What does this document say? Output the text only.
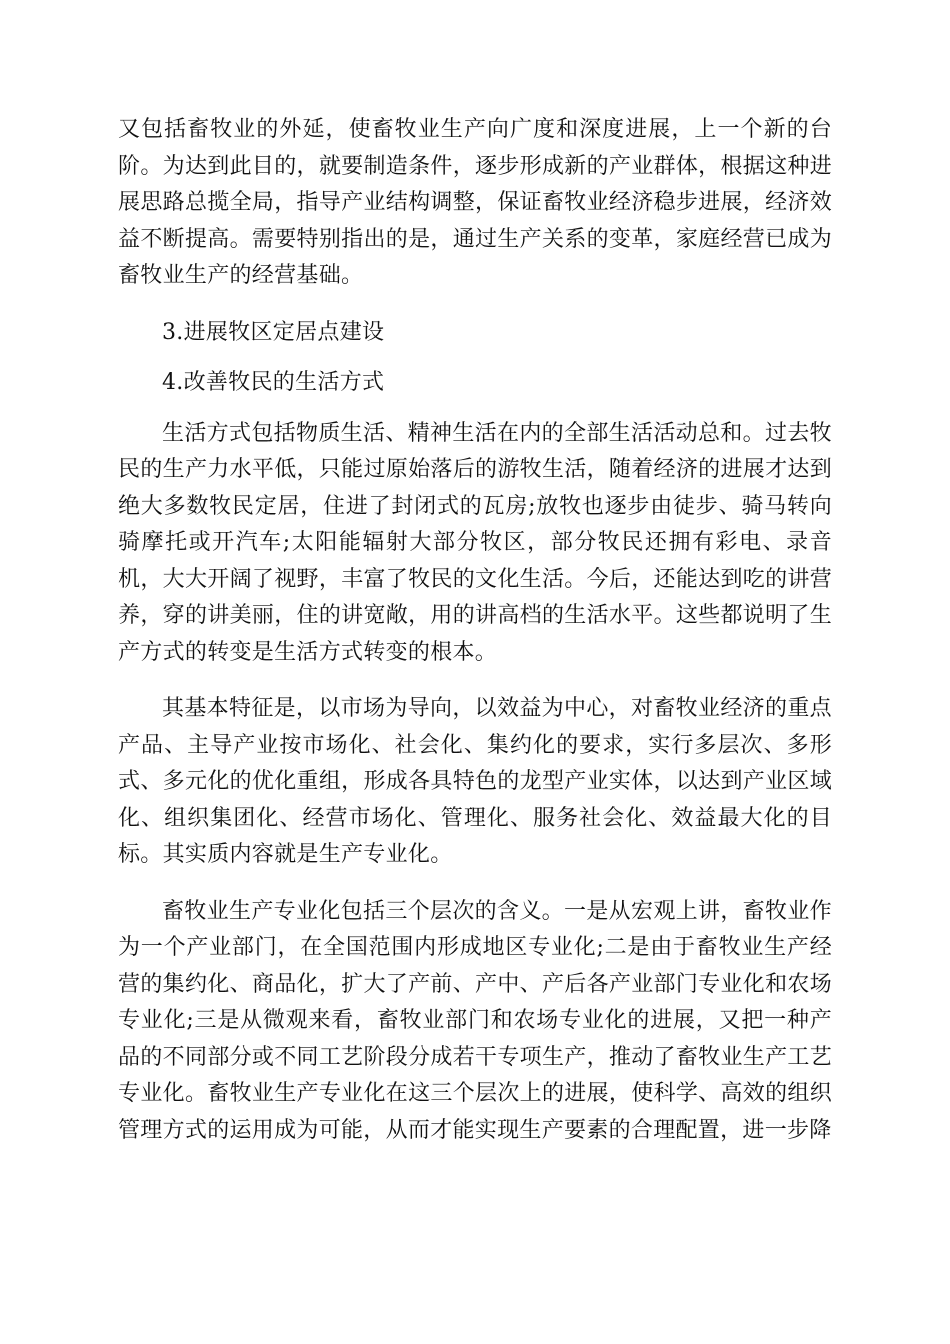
又包括畜牧业的外延，使畜牧业生产向广度和深度进展，上一个新的台阶。为达到此目的，就要制造条件，逐步形成新的产业群体，根据这种进展思路总揽全局，指导产业结构调整，保证畜牧业经济稳步进展，经济效益不断提高。需要特别指出的是，通过生产关系的变革，家庭经营已成为畜牧业生产的经营基础。

3.进展牧区定居点建设

4.改善牧民的生活方式

生活方式包括物质生活、精神生活在内的全部生活活动总和。过去牧民的生产力水平低，只能过原始落后的游牧生活，随着经济的进展才达到绝大多数牧民定居，住进了封闭式的瓦房;放牧也逐步由徒步、骑马转向骑摩托或开汽车;太阳能辐射大部分牧区，部分牧民还拥有彩电、录音机，大大开阔了视野，丰富了牧民的文化生活。今后，还能达到吃的讲营养，穿的讲美丽，住的讲宽敞，用的讲高档的生活水平。这些都说明了生产方式的转变是生活方式转变的根本。

其基本特征是，以市场为导向，以效益为中心，对畜牧业经济的重点产品、主导产业按市场化、社会化、集约化的要求，实行多层次、多形式、多元化的优化重组，形成各具特色的龙型产业实体，以达到产业区域化、组织集团化、经营市场化、管理化、服务社会化、效益最大化的目标。其实质内容就是生产专业化。

畜牧业生产专业化包括三个层次的含义。一是从宏观上讲，畜牧业作为一个产业部门，在全国范围内形成地区专业化;二是由于畜牧业生产经营的集约化、商品化，扩大了产前、产中、产后各产业部门专业化和农场专业化;三是从微观来看，畜牧业部门和农场专业化的进展，又把一种产品的不同部分或不同工艺阶段分成若干专项生产，推动了畜牧业生产工艺专业化。畜牧业生产专业化在这三个层次上的进展，使科学、高效的组织管理方式的运用成为可能，从而才能实现生产要素的合理配置，进一步降
